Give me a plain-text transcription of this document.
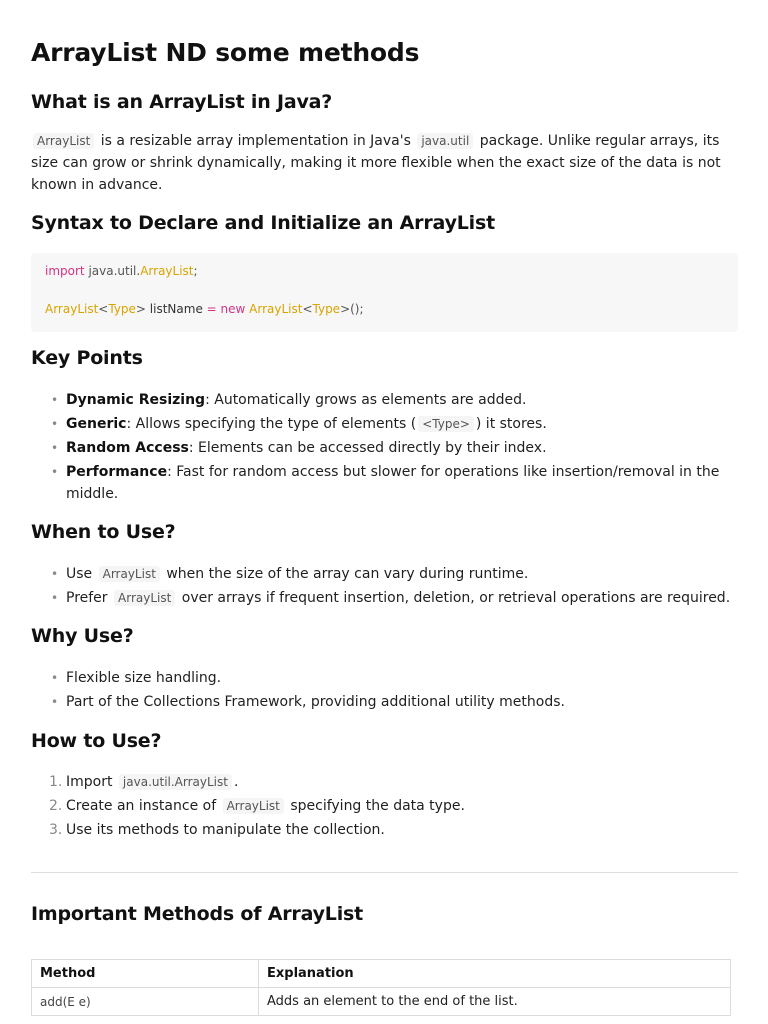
ArrayList ND some methods
What is an ArrayList in Java?

ArrayList is a resizable array implementation in Java's java.util package. Unlike regular arrays, its size can grow or shrink dynamically, making it more flexible when the exact size of the data is not known in advance.

Syntax to Declare and Initialize an ArrayList
import java.util.ArrayList;
ArrayList<Type> listName = new ArrayList<Type>();
Key Points
• Dynamic Resizing: Automatically grows as elements are added.
• Generic: Allows specifying the type of elements ( <Type> ) it stores.
• Random Access: Elements can be accessed directly by their index.
• Performance: Fast for random access but slower for operations like insertion/removal in the middle.
When to Use?
• Use ArrayList when the size of the array can vary during runtime.
• Prefer ArrayList over arrays if frequent insertion, deletion, or retrieval operations are required.
Why Use?
• Flexible size handling.
• Part of the Collections Framework, providing additional utility methods.
How to Use?
1. Import java.util.ArrayList .
2. Create an instance of ArrayList specifying the data type.
3. Use its methods to manipulate the collection.
Important Methods of ArrayList
Method	Explanation
add(E e)	Adds an element to the end of the list.
